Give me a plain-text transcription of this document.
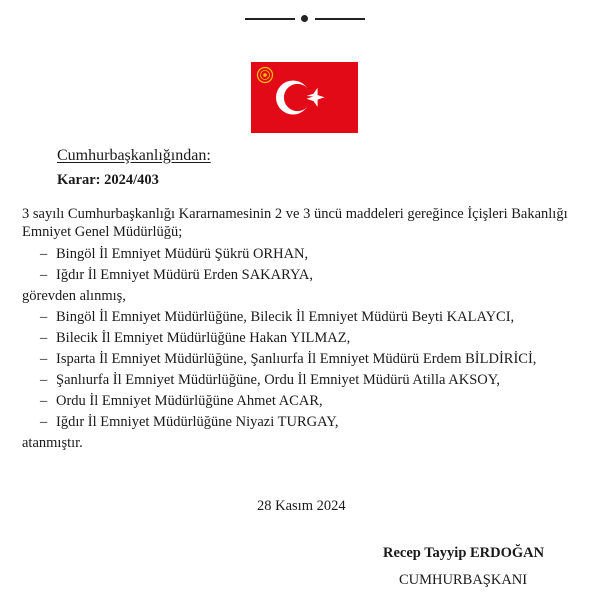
Cumhurbaşkanlığından:
Karar: 2024/403
3 sayılı Cumhurbaşkanlığı Kararnamesinin 2 ve 3 üncü maddeleri gereğince İçişleri Bakanlığı
Emniyet Genel Müdürlüğü;
– Bingöl İl Emniyet Müdürü Şükrü ORHAN,
– Iğdır İl Emniyet Müdürü Erden SAKARYA,
görevden alınmış,
– Bingöl İl Emniyet Müdürlüğüne, Bilecik İl Emniyet Müdürü Beyti KALAYCI,
– Bilecik İl Emniyet Müdürlüğüne Hakan YILMAZ,
– Isparta İl Emniyet Müdürlüğüne, Şanlıurfa İl Emniyet Müdürü Erdem BİLDİRİCİ,
– Şanlıurfa İl Emniyet Müdürlüğüne, Ordu İl Emniyet Müdürü Atilla AKSOY,
– Ordu İl Emniyet Müdürlüğüne Ahmet ACAR,
– Iğdır İl Emniyet Müdürlüğüne Niyazi TURGAY,
atanmıştır.
28 Kasım 2024
Recep Tayyip ERDOĞAN
CUMHURBAŞKANI
